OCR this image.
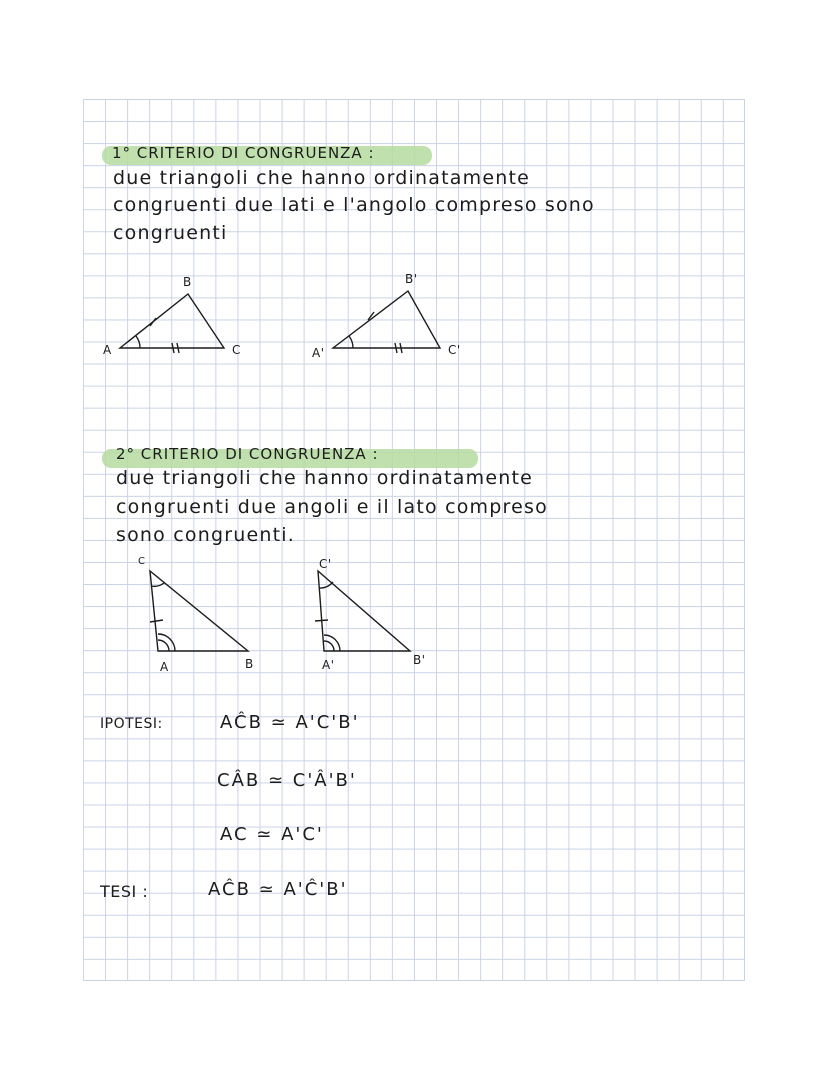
1° CRITERIO DI CONGRUENZA :
due triangoli che hanno ordinatamente
congruenti due lati e l'angolo compreso sono
congruenti
B
A	C
B'
A'	C'
2° CRITERIO DI CONGRUENZA :
due triangoli che hanno ordinatamente
congruenti due angoli e il lato compreso
sono congruenti.
C
A	B
C'
A'	B'
IPOTESI:	AĈB ≃ A'C'B'
CÂB ≃ C'Â'B'
AC ≃ A'C'
TESI :	AĈB ≃ A'Ĉ'B'
